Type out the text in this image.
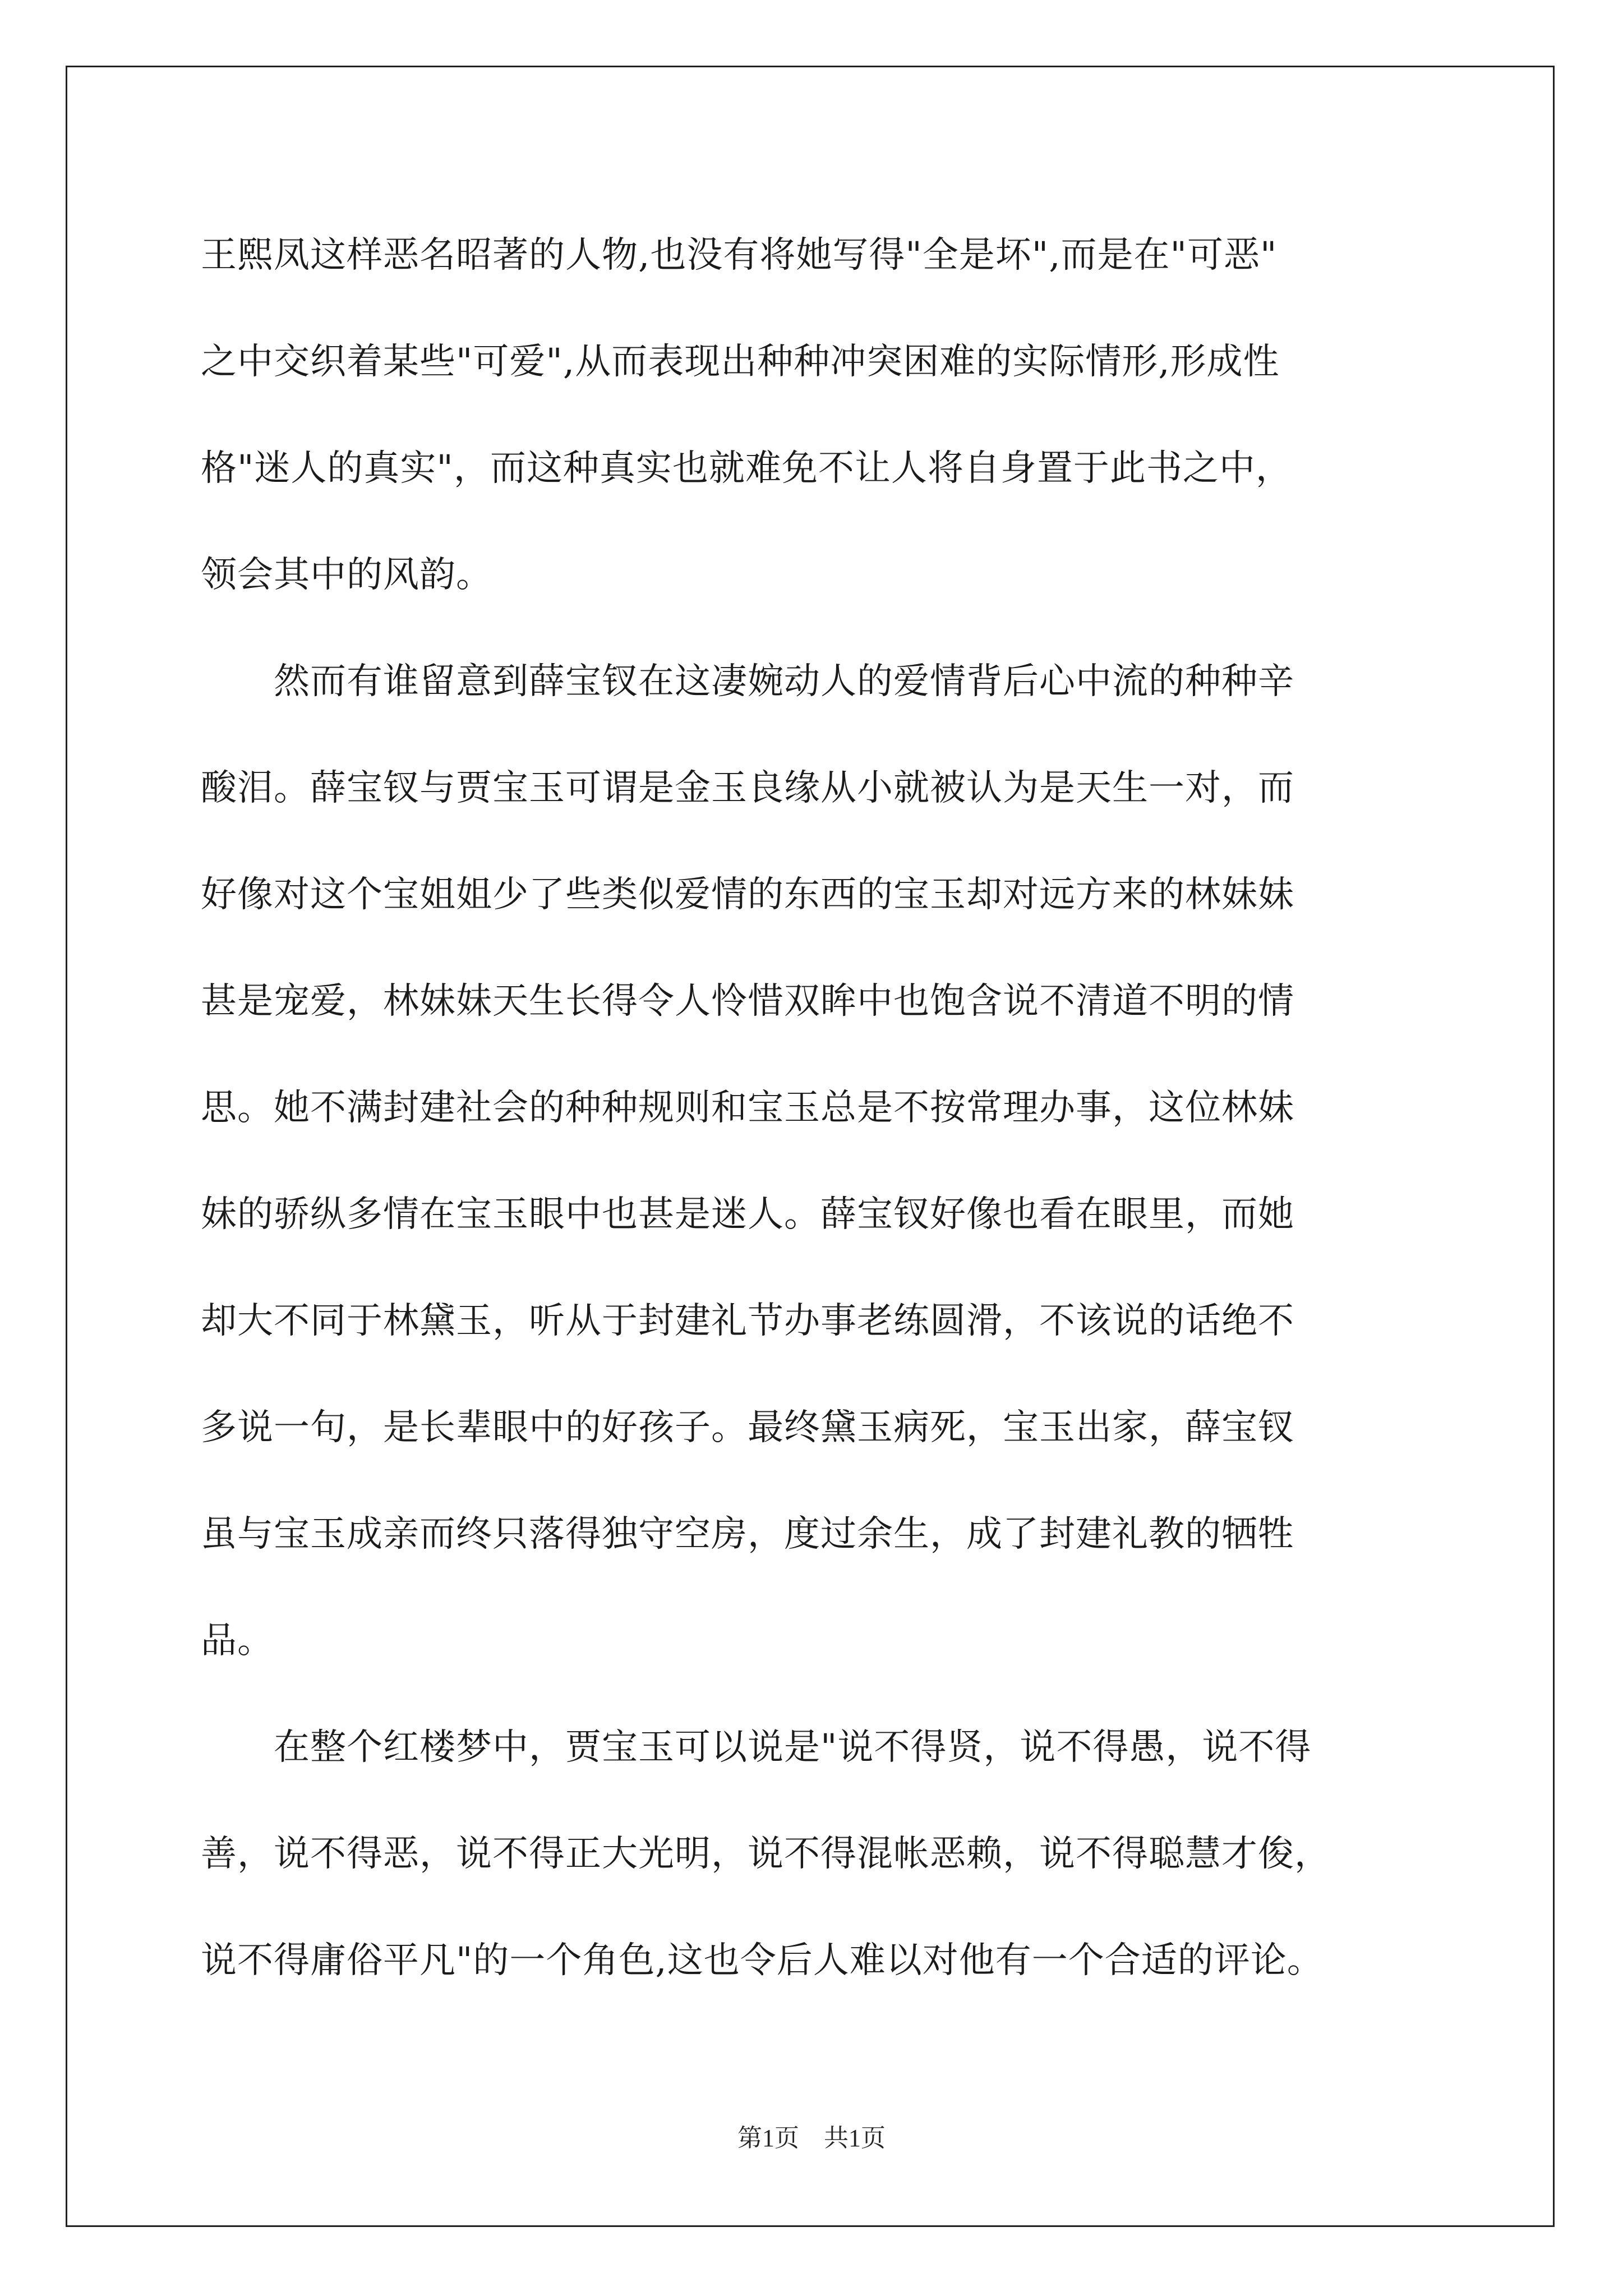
王熙凤这样恶名昭著的人物,也没有将她写得"全是坏",而是在"可恶"
之中交织着某些"可爱",从而表现出种种冲突困难的实际情形,形成性
格"迷人的真实"，而这种真实也就难免不让人将自身置于此书之中，
领会其中的风韵。
　　然而有谁留意到薛宝钗在这凄婉动人的爱情背后心中流的种种辛
酸泪。薛宝钗与贾宝玉可谓是金玉良缘从小就被认为是天生一对，而
好像对这个宝姐姐少了些类似爱情的东西的宝玉却对远方来的林妹妹
甚是宠爱，林妹妹天生长得令人怜惜双眸中也饱含说不清道不明的情
思。她不满封建社会的种种规则和宝玉总是不按常理办事，这位林妹
妹的骄纵多情在宝玉眼中也甚是迷人。薛宝钗好像也看在眼里，而她
却大不同于林黛玉，听从于封建礼节办事老练圆滑，不该说的话绝不
多说一句，是长辈眼中的好孩子。最终黛玉病死，宝玉出家，薛宝钗
虽与宝玉成亲而终只落得独守空房，度过余生，成了封建礼教的牺牲
品。
　　在整个红楼梦中，贾宝玉可以说是"说不得贤，说不得愚，说不得
善，说不得恶，说不得正大光明，说不得混帐恶赖，说不得聪慧才俊，
说不得庸俗平凡"的一个角色,这也令后人难以对他有一个合适的评论。
第1页　共1页
